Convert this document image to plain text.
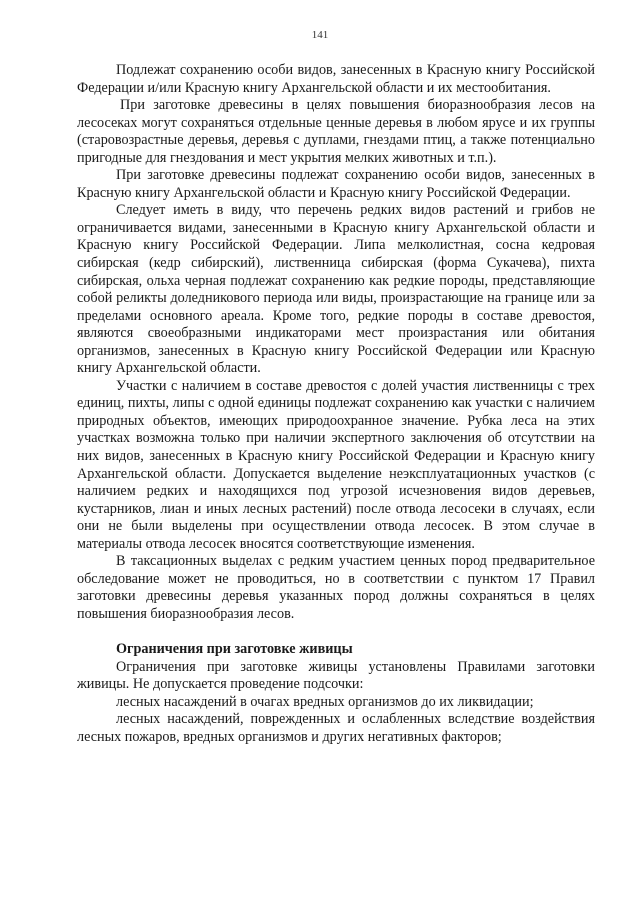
141

Подлежат сохранению особи видов, занесенных в Красную книгу Российской Федерации и/или Красную книгу Архангельской области и их местообитания.

При заготовке древесины в целях повышения биоразнообразия лесов на лесосеках могут сохраняться отдельные ценные деревья в любом ярусе и их группы (старовозрастные деревья, деревья с дуплами, гнездами птиц, а также потенциально пригодные для гнездования и мест укрытия мелких животных и т.п.).

При заготовке древесины подлежат сохранению особи видов, занесенных в Красную книгу Архангельской области и Красную книгу Российской Федерации.

Следует иметь в виду, что перечень редких видов растений и грибов не ограничивается видами, занесенными в Красную книгу Архангельской области и Красную книгу Российской Федерации. Липа мелколистная, сосна кедровая сибирская (кедр сибирский), лиственница сибирская (форма Сукачева), пихта сибирская, ольха черная подлежат сохранению как редкие породы, представляющие собой реликты доледникового периода или виды, произрастающие на границе или за пределами основного ареала. Кроме того, редкие породы в составе древостоя, являются своеобразными индикаторами мест произрастания или обитания организмов, занесенных в Красную книгу Российской Федерации или Красную книгу Архангельской области.

Участки с наличием в составе древостоя с долей участия лиственницы с трех единиц, пихты, липы с одной единицы подлежат сохранению как участки с наличием природных объектов, имеющих природоохранное значение. Рубка леса на этих участках возможна только при наличии экспертного заключения об отсутствии на них видов, занесенных в Красную книгу Российской Федерации и Красную книгу Архангельской области. Допускается выделение неэксплуатационных участков (с наличием редких и находящихся под угрозой исчезновения видов деревьев, кустарников, лиан и иных лесных растений) после отвода лесосеки в случаях, если они не были выделены при осуществлении отвода лесосек. В этом случае в материалы отвода лесосек вносятся соответствующие изменения.

В таксационных выделах с редким участием ценных пород предварительное обследование может не проводиться, но в соответствии с пунктом 17 Правил заготовки древесины деревья указанных пород должны сохраняться в целях повышения биоразнообразия лесов.

Ограничения при заготовке живицы

Ограничения при заготовке живицы установлены Правилами заготовки живицы. Не допускается проведение подсочки:

лесных насаждений в очагах вредных организмов до их ликвидации;

лесных насаждений, поврежденных и ослабленных вследствие воздействия лесных пожаров, вредных организмов и других негативных факторов;
